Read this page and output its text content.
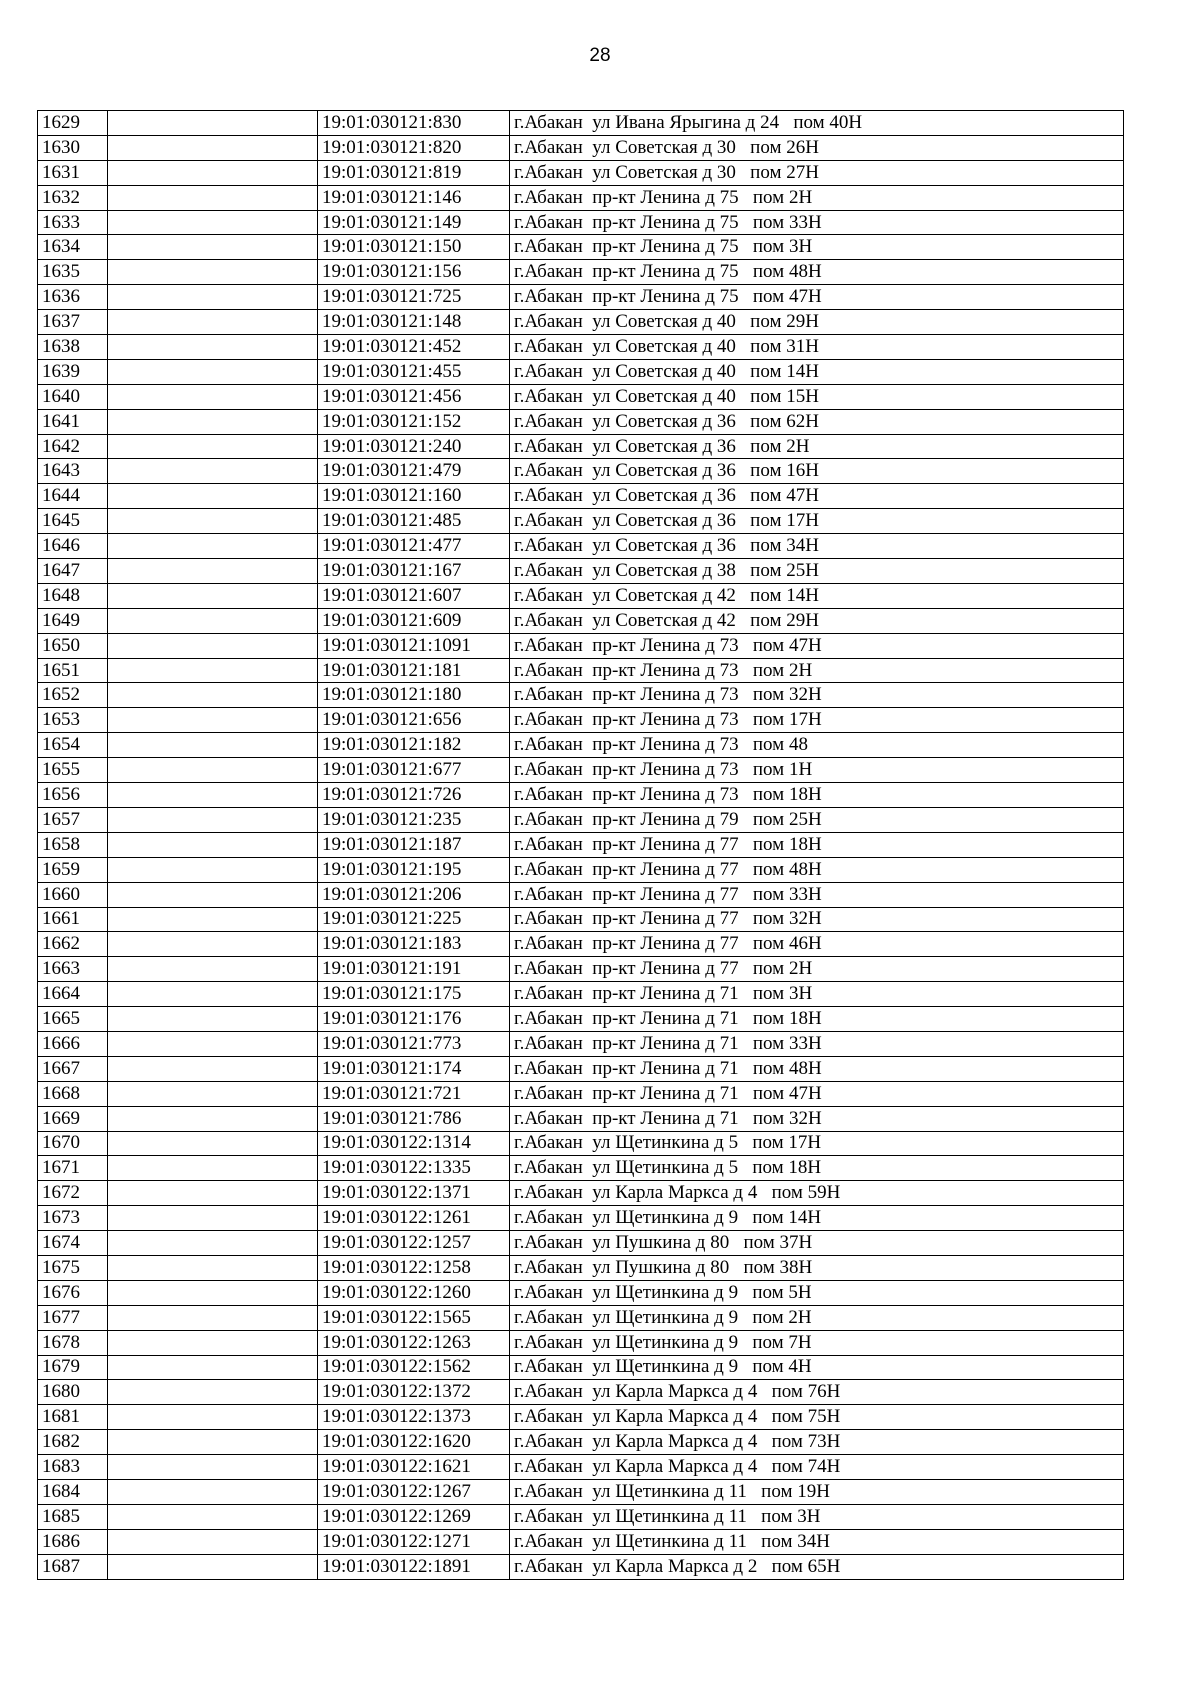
28
1629		19:01:030121:830	г.Абакан  ул Ивана Ярыгина д 24   пом 40Н
1630		19:01:030121:820	г.Абакан  ул Советская д 30   пом 26Н
1631		19:01:030121:819	г.Абакан  ул Советская д 30   пом 27Н
1632		19:01:030121:146	г.Абакан  пр-кт Ленина д 75   пом 2Н
1633		19:01:030121:149	г.Абакан  пр-кт Ленина д 75   пом 33Н
1634		19:01:030121:150	г.Абакан  пр-кт Ленина д 75   пом 3Н
1635		19:01:030121:156	г.Абакан  пр-кт Ленина д 75   пом 48Н
1636		19:01:030121:725	г.Абакан  пр-кт Ленина д 75   пом 47Н
1637		19:01:030121:148	г.Абакан  ул Советская д 40   пом 29Н
1638		19:01:030121:452	г.Абакан  ул Советская д 40   пом 31Н
1639		19:01:030121:455	г.Абакан  ул Советская д 40   пом 14Н
1640		19:01:030121:456	г.Абакан  ул Советская д 40   пом 15Н
1641		19:01:030121:152	г.Абакан  ул Советская д 36   пом 62Н
1642		19:01:030121:240	г.Абакан  ул Советская д 36   пом 2Н
1643		19:01:030121:479	г.Абакан  ул Советская д 36   пом 16Н
1644		19:01:030121:160	г.Абакан  ул Советская д 36   пом 47Н
1645		19:01:030121:485	г.Абакан  ул Советская д 36   пом 17Н
1646		19:01:030121:477	г.Абакан  ул Советская д 36   пом 34Н
1647		19:01:030121:167	г.Абакан  ул Советская д 38   пом 25Н
1648		19:01:030121:607	г.Абакан  ул Советская д 42   пом 14Н
1649		19:01:030121:609	г.Абакан  ул Советская д 42   пом 29Н
1650		19:01:030121:1091	г.Абакан  пр-кт Ленина д 73   пом 47Н
1651		19:01:030121:181	г.Абакан  пр-кт Ленина д 73   пом 2Н
1652		19:01:030121:180	г.Абакан  пр-кт Ленина д 73   пом 32Н
1653		19:01:030121:656	г.Абакан  пр-кт Ленина д 73   пом 17Н
1654		19:01:030121:182	г.Абакан  пр-кт Ленина д 73   пом 48
1655		19:01:030121:677	г.Абакан  пр-кт Ленина д 73   пом 1Н
1656		19:01:030121:726	г.Абакан  пр-кт Ленина д 73   пом 18Н
1657		19:01:030121:235	г.Абакан  пр-кт Ленина д 79   пом 25Н
1658		19:01:030121:187	г.Абакан  пр-кт Ленина д 77   пом 18Н
1659		19:01:030121:195	г.Абакан  пр-кт Ленина д 77   пом 48Н
1660		19:01:030121:206	г.Абакан  пр-кт Ленина д 77   пом 33Н
1661		19:01:030121:225	г.Абакан  пр-кт Ленина д 77   пом 32Н
1662		19:01:030121:183	г.Абакан  пр-кт Ленина д 77   пом 46Н
1663		19:01:030121:191	г.Абакан  пр-кт Ленина д 77   пом 2Н
1664		19:01:030121:175	г.Абакан  пр-кт Ленина д 71   пом 3Н
1665		19:01:030121:176	г.Абакан  пр-кт Ленина д 71   пом 18Н
1666		19:01:030121:773	г.Абакан  пр-кт Ленина д 71   пом 33Н
1667		19:01:030121:174	г.Абакан  пр-кт Ленина д 71   пом 48Н
1668		19:01:030121:721	г.Абакан  пр-кт Ленина д 71   пом 47Н
1669		19:01:030121:786	г.Абакан  пр-кт Ленина д 71   пом 32Н
1670		19:01:030122:1314	г.Абакан  ул Щетинкина д 5   пом 17Н
1671		19:01:030122:1335	г.Абакан  ул Щетинкина д 5   пом 18Н
1672		19:01:030122:1371	г.Абакан  ул Карла Маркса д 4   пом 59Н
1673		19:01:030122:1261	г.Абакан  ул Щетинкина д 9   пом 14Н
1674		19:01:030122:1257	г.Абакан  ул Пушкина д 80   пом 37Н
1675		19:01:030122:1258	г.Абакан  ул Пушкина д 80   пом 38Н
1676		19:01:030122:1260	г.Абакан  ул Щетинкина д 9   пом 5Н
1677		19:01:030122:1565	г.Абакан  ул Щетинкина д 9   пом 2Н
1678		19:01:030122:1263	г.Абакан  ул Щетинкина д 9   пом 7Н
1679		19:01:030122:1562	г.Абакан  ул Щетинкина д 9   пом 4Н
1680		19:01:030122:1372	г.Абакан  ул Карла Маркса д 4   пом 76Н
1681		19:01:030122:1373	г.Абакан  ул Карла Маркса д 4   пом 75Н
1682		19:01:030122:1620	г.Абакан  ул Карла Маркса д 4   пом 73Н
1683		19:01:030122:1621	г.Абакан  ул Карла Маркса д 4   пом 74Н
1684		19:01:030122:1267	г.Абакан  ул Щетинкина д 11   пом 19Н
1685		19:01:030122:1269	г.Абакан  ул Щетинкина д 11   пом 3Н
1686		19:01:030122:1271	г.Абакан  ул Щетинкина д 11   пом 34Н
1687		19:01:030122:1891	г.Абакан  ул Карла Маркса д 2   пом 65Н
